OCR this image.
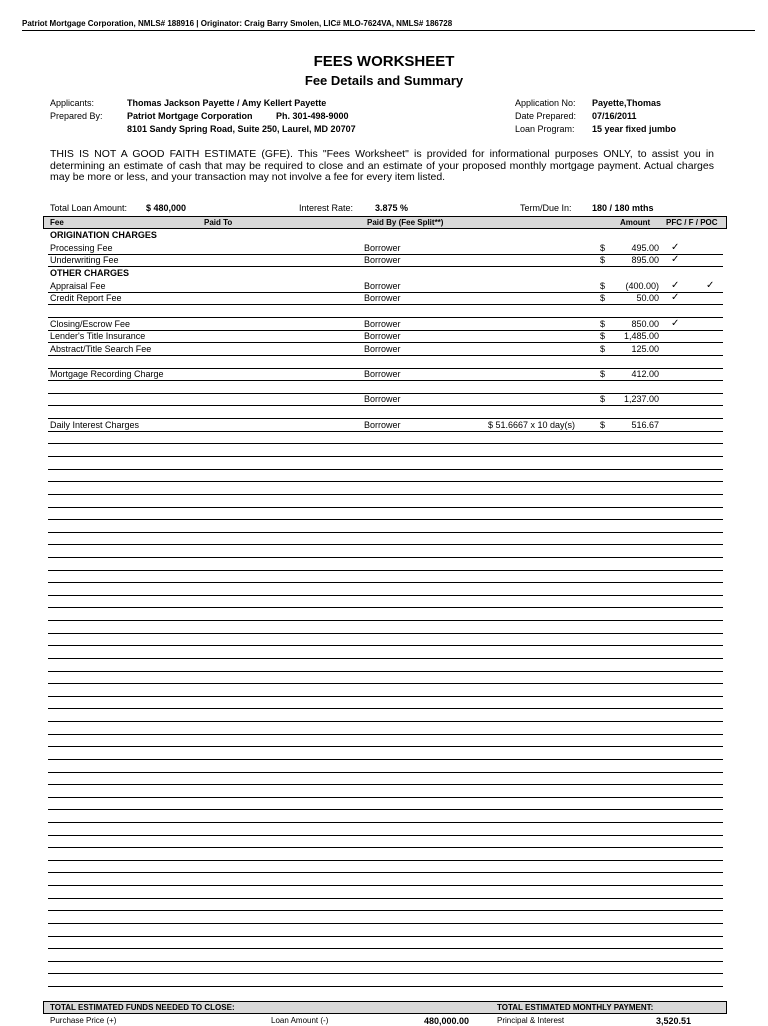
Patriot Mortgage Corporation, NMLS# 188916 | Originator: Craig Barry Smolen, LIC# MLO-7624VA, NMLS# 186728
FEES WORKSHEET
Fee Details and Summary
Applicants:	Thomas Jackson Payette / Amy Kellert Payette
Prepared By:	Patriot Mortgage Corporation	Ph. 301-498-9000
8101 Sandy Spring Road, Suite 250, Laurel, MD 20707
Application No: Payette,Thomas
Date Prepared: 07/16/2011
Loan Program: 15 year fixed jumbo
THIS IS NOT A GOOD FAITH ESTIMATE (GFE). This "Fees Worksheet" is provided for informational purposes ONLY, to assist you in determining an estimate of cash that may be required to close and an estimate of your proposed monthly mortgage payment. Actual charges may be more or less, and your transaction may not involve a fee for every item listed.
Total Loan Amount: $ 480,000	Interest Rate: 3.875 %	Term/Due In: 180 / 180 mths
Fee	Paid To	Paid By (Fee Split**)	Amount PFC / F / POC
ORIGINATION CHARGES
Processing Fee	Borrower	$	495.00 ✓
Underwriting Fee	Borrower	$	895.00 ✓
OTHER CHARGES
Appraisal Fee	Borrower	$	(400.00) ✓	✓
Credit Report Fee	Borrower	$	50.00 ✓
Closing/Escrow Fee	Borrower	$	850.00 ✓
Lender's Title Insurance	Borrower	$	1,485.00
Abstract/Title Search Fee	Borrower	$	125.00
Mortgage Recording Charge	Borrower	$	412.00
Borrower	$	1,237.00
Daily Interest Charges	Borrower	$ 51.6667 x 10 day(s)	$	516.67
TOTAL ESTIMATED FUNDS NEEDED TO CLOSE:	TOTAL ESTIMATED MONTHLY PAYMENT:
Purchase Price (+)	Loan Amount (-)	480,000.00	Principal & Interest	3,520.51
